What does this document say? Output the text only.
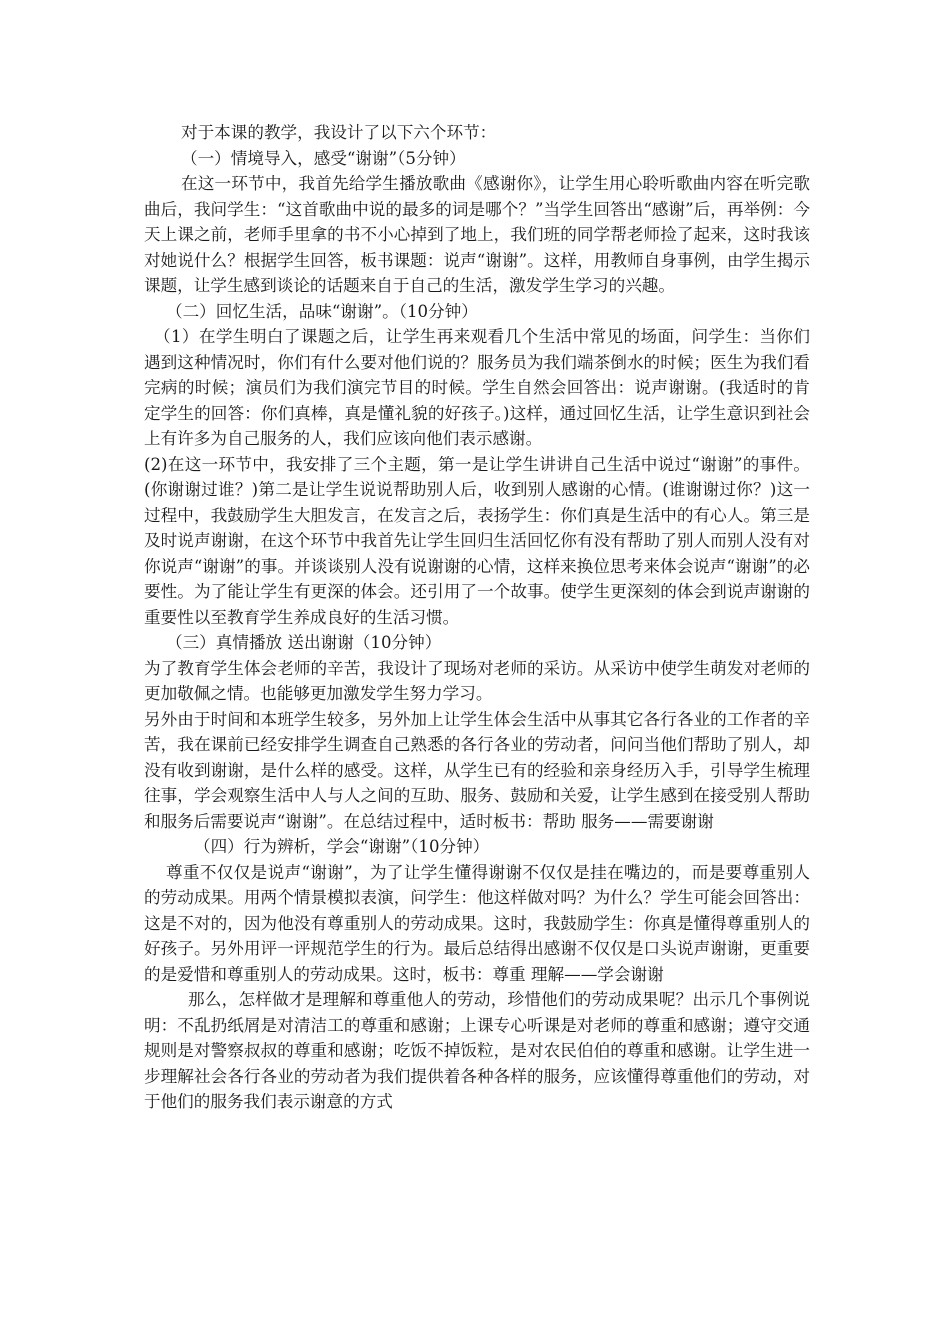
对于本课的教学，我设计了以下六个环节：

（一）情境导入，感受“谢谢”（5分钟）

在这一环节中，我首先给学生播放歌曲《感谢你》，让学生用心聆听歌曲内容在听完歌曲后，我问学生：“这首歌曲中说的最多的词是哪个？”当学生回答出“感谢”后，再举例：今天上课之前，老师手里拿的书不小心掉到了地上，我们班的同学帮老师捡了起来，这时我该对她说什么？根据学生回答，板书课题：说声“谢谢”。这样，用教师自身事例，由学生揭示课题，让学生感到谈论的话题来自于自己的生活，激发学生学习的兴趣。

（二）回忆生活，品味“谢谢”。（10分钟）

（1）在学生明白了课题之后，让学生再来观看几个生活中常见的场面，问学生：当你们遇到这种情况时，你们有什么要对他们说的？服务员为我们端茶倒水的时候；医生为我们看完病的时候；演员们为我们演完节目的时候。学生自然会回答出：说声谢谢。(我适时的肯定学生的回答：你们真棒，真是懂礼貌的好孩子。)这样，通过回忆生活，让学生意识到社会上有许多为自己服务的人，我们应该向他们表示感谢。

(2)在这一环节中，我安排了三个主题，第一是让学生讲讲自己生活中说过“谢谢”的事件。(你谢谢过谁？)第二是让学生说说帮助别人后，收到别人感谢的心情。(谁谢谢过你？)这一过程中，我鼓励学生大胆发言，在发言之后，表扬学生：你们真是生活中的有心人。第三是及时说声谢谢，在这个环节中我首先让学生回归生活回忆你有没有帮助了别人而别人没有对你说声“谢谢”的事。并谈谈别人没有说谢谢的心情，这样来换位思考来体会说声“谢谢”的必要性。为了能让学生有更深的体会。还引用了一个故事。使学生更深刻的体会到说声谢谢的重要性以至教育学生养成良好的生活习惯。

（三）真情播放 送出谢谢（10分钟）

为了教育学生体会老师的辛苦，我设计了现场对老师的采访。从采访中使学生萌发对老师的更加敬佩之情。也能够更加激发学生努力学习。

另外由于时间和本班学生较多，另外加上让学生体会生活中从事其它各行各业的工作者的辛苦，我在课前已经安排学生调查自己熟悉的各行各业的劳动者，问问当他们帮助了别人，却没有收到谢谢，是什么样的感受。这样，从学生已有的经验和亲身经历入手，引导学生梳理往事，学会观察生活中人与人之间的互助、服务、鼓励和关爱，让学生感到在接受别人帮助和服务后需要说声“谢谢”。在总结过程中，适时板书：帮助 服务——需要谢谢

（四）行为辨析，学会“谢谢”（10分钟）

尊重不仅仅是说声“谢谢”，为了让学生懂得谢谢不仅仅是挂在嘴边的，而是要尊重别人的劳动成果。用两个情景模拟表演，问学生：他这样做对吗？为什么？学生可能会回答出：这是不对的，因为他没有尊重别人的劳动成果。这时，我鼓励学生：你真是懂得尊重别人的好孩子。另外用评一评规范学生的行为。最后总结得出感谢不仅仅是口头说声谢谢，更重要的是爱惜和尊重别人的劳动成果。这时，板书：尊重 理解——学会谢谢

那么，怎样做才是理解和尊重他人的劳动，珍惜他们的劳动成果呢？出示几个事例说明：不乱扔纸屑是对清洁工的尊重和感谢；上课专心听课是对老师的尊重和感谢；遵守交通规则是对警察叔叔的尊重和感谢；吃饭不掉饭粒，是对农民伯伯的尊重和感谢。让学生进一步理解社会各行各业的劳动者为我们提供着各种各样的服务，应该懂得尊重他们的劳动，对于他们的服务我们表示谢意的方式
